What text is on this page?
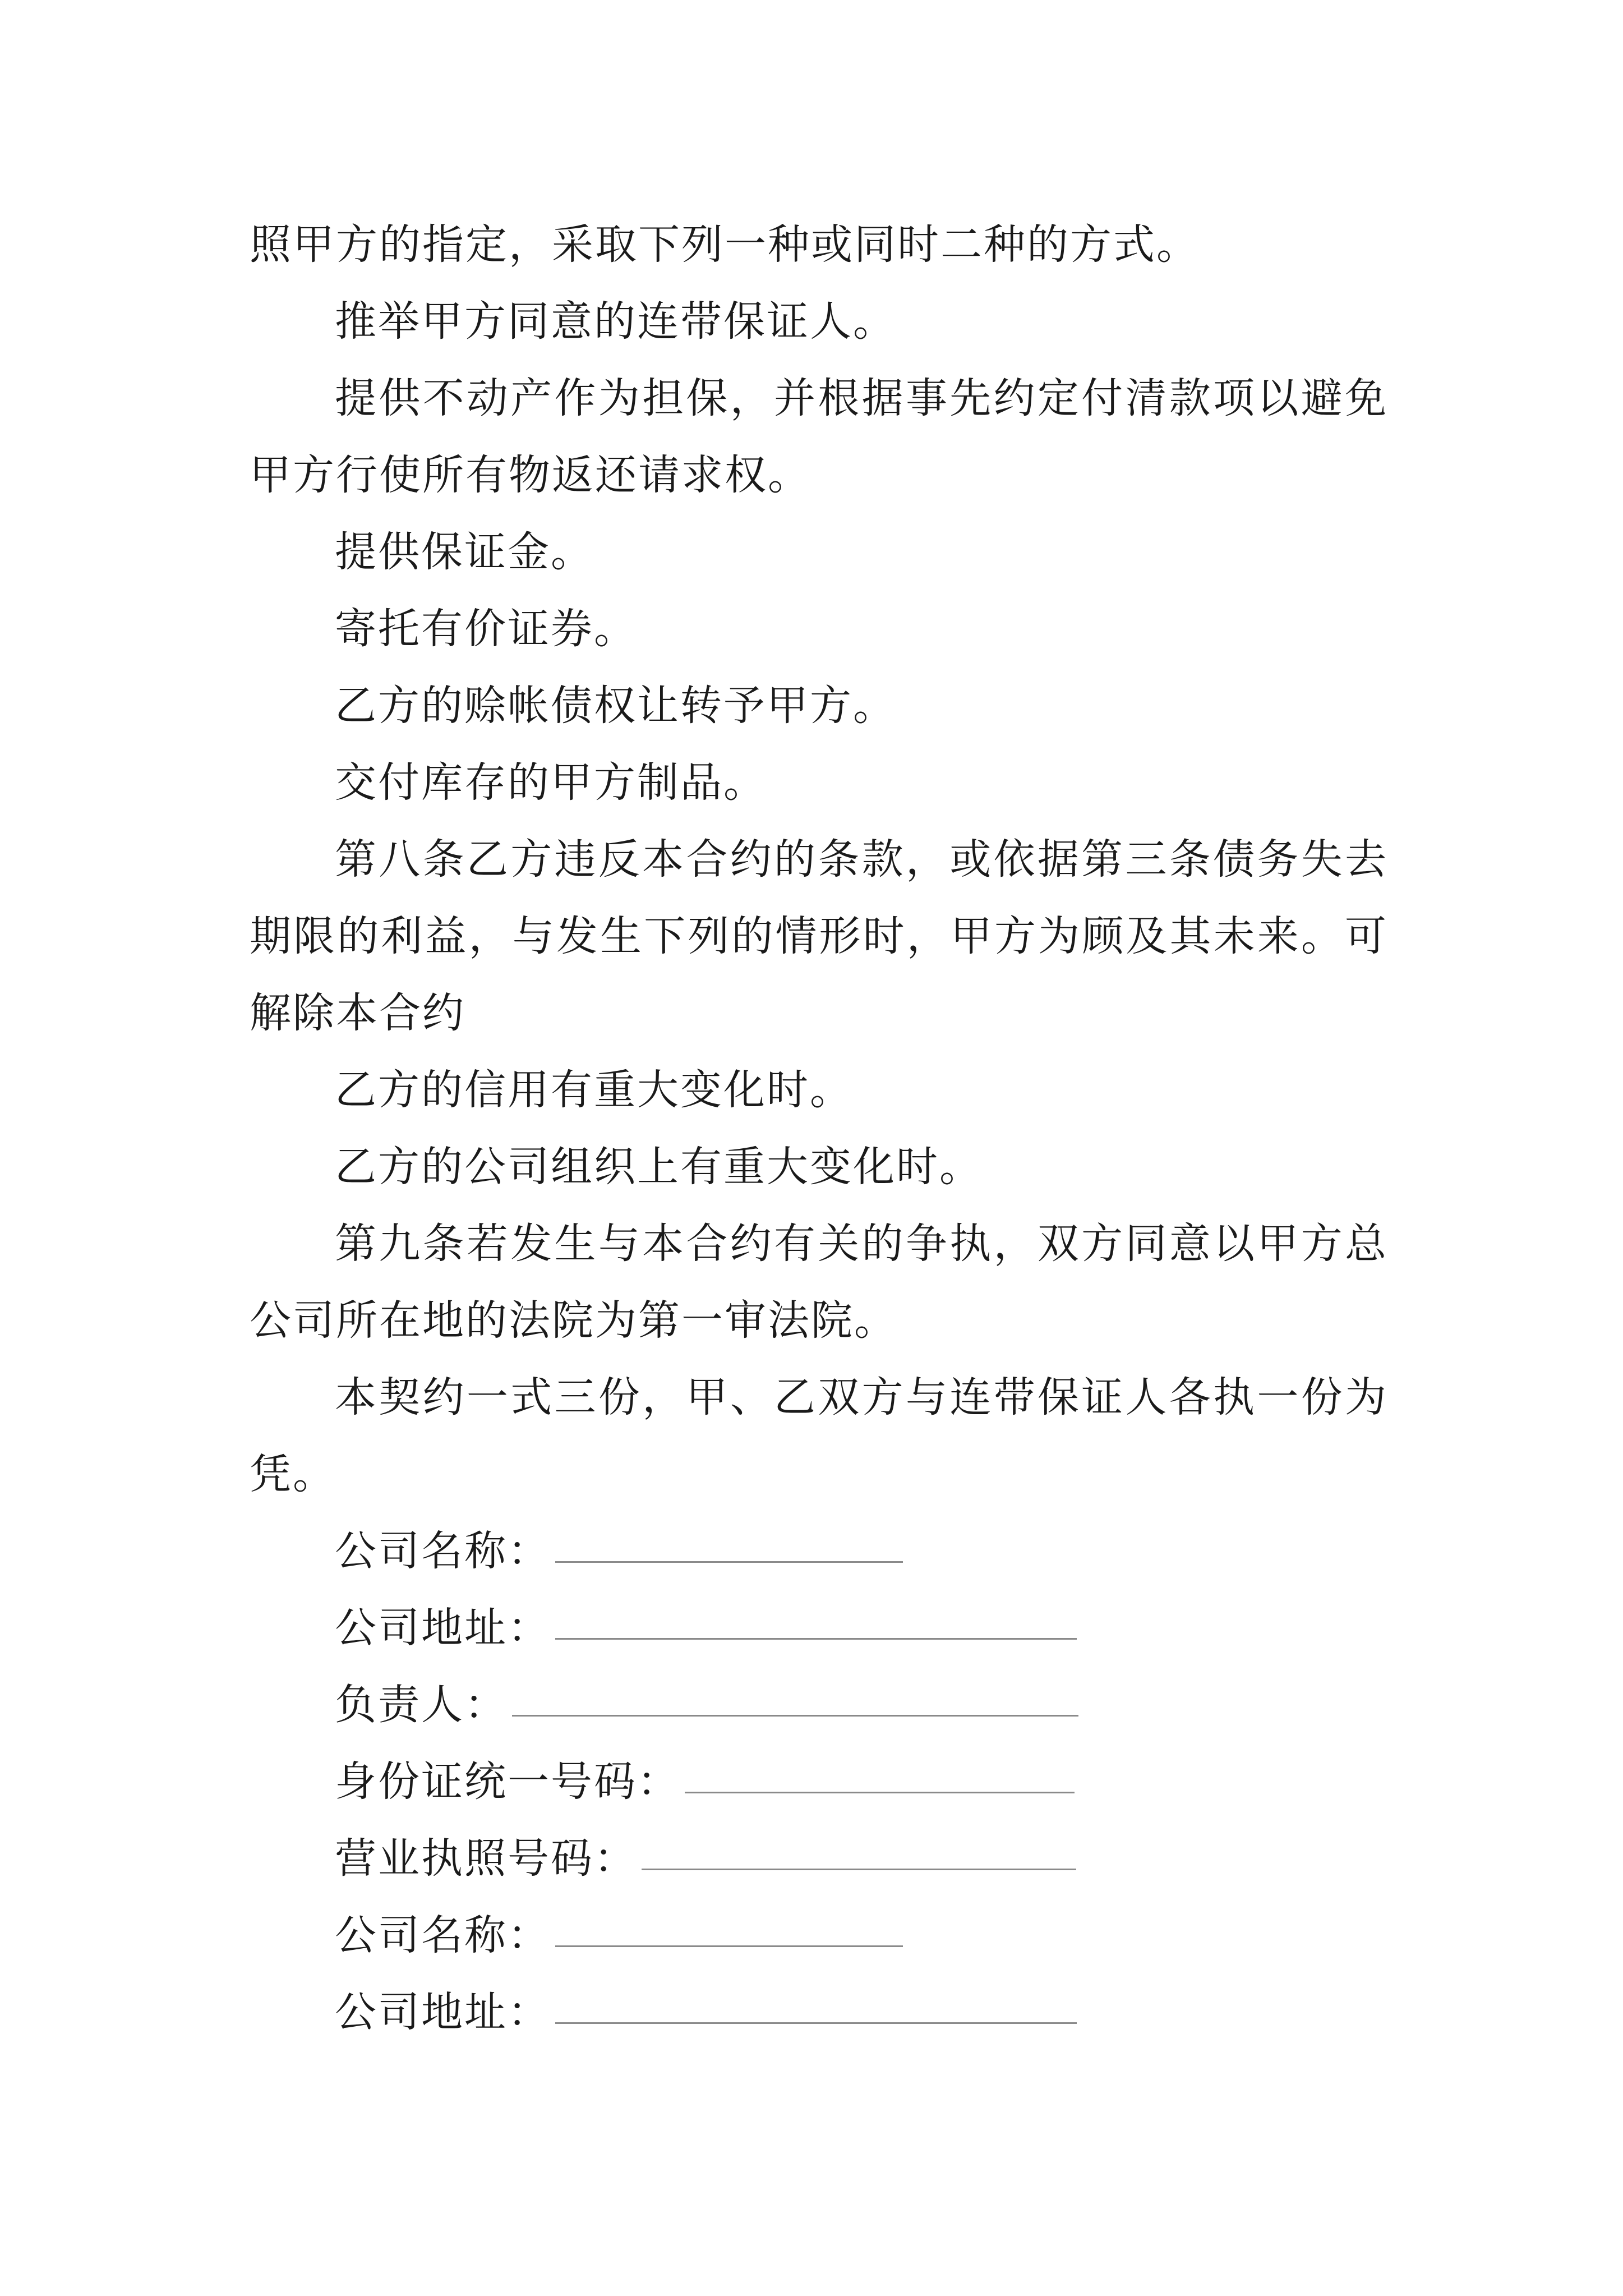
照甲方的指定，采取下列一种或同时二种的方式。

推举甲方同意的连带保证人。

提供不动产作为担保，并根据事先约定付清款项以避免甲方行使所有物返还请求权。

提供保证金。

寄托有价证券。

乙方的赊帐债权让转予甲方。

交付库存的甲方制品。

第八条乙方违反本合约的条款，或依据第三条债务失去期限的利益，与发生下列的情形时，甲方为顾及其未来。可解除本合约

乙方的信用有重大变化时。

乙方的公司组织上有重大变化时。

第九条若发生与本合约有关的争执，双方同意以甲方总公司所在地的法院为第一审法院。

本契约一式三份，甲、乙双方与连带保证人各执一份为凭。

公司名称：
公司地址：
负责人：
身份证统一号码：
营业执照号码：
公司名称：
公司地址：
